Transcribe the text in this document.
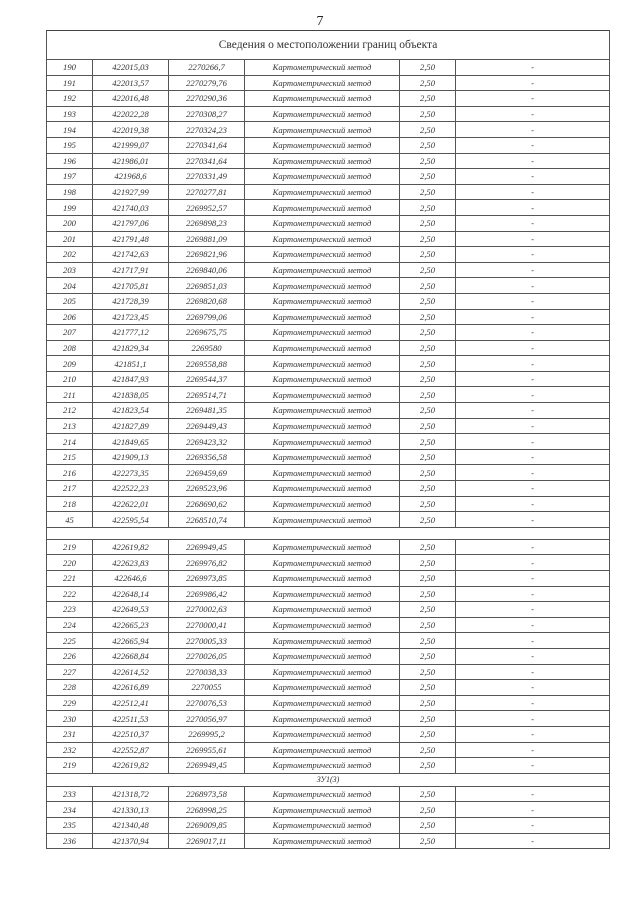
7
Сведения о местоположении границ объекта					
190	422015,03	2270266,7	Картометрический метод	2,50	-
191	422013,57	2270279,76	Картометрический метод	2,50	-
192	422016,48	2270290,36	Картометрический метод	2,50	-
193	422022,28	2270308,27	Картометрический метод	2,50	-
194	422019,38	2270324,23	Картометрический метод	2,50	-
195	421999,07	2270341,64	Картометрический метод	2,50	-
196	421986,01	2270341,64	Картометрический метод	2,50	-
197	421968,6	2270331,49	Картометрический метод	2,50	-
198	421927,99	2270277,81	Картометрический метод	2,50	-
199	421740,03	2269952,57	Картометрический метод	2,50	-
200	421797,06	2269898,23	Картометрический метод	2,50	-
201	421791,48	2269881,09	Картометрический метод	2,50	-
202	421742,63	2269821,96	Картометрический метод	2,50	-
203	421717,91	2269840,06	Картометрический метод	2,50	-
204	421705,81	2269851,03	Картометрический метод	2,50	-
205	421728,39	2269820,68	Картометрический метод	2,50	-
206	421723,45	2269799,06	Картометрический метод	2,50	-
207	421777,12	2269675,75	Картометрический метод	2,50	-
208	421829,34	2269580	Картометрический метод	2,50	-
209	421851,1	2269558,88	Картометрический метод	2,50	-
210	421847,93	2269544,37	Картометрический метод	2,50	-
211	421838,05	2269514,71	Картометрический метод	2,50	-
212	421823,54	2269481,35	Картометрический метод	2,50	-
213	421827,89	2269449,43	Картометрический метод	2,50	-
214	421849,65	2269423,32	Картометрический метод	2,50	-
215	421909,13	2269356,58	Картометрический метод	2,50	-
216	422273,35	2269459,69	Картометрический метод	2,50	-
217	422522,23	2269523,96	Картометрический метод	2,50	-
218	422622,01	2268690,62	Картометрический метод	2,50	-
45	422595,54	2268510,74	Картометрический метод	2,50	-

219	422619,82	2269949,45	Картометрический метод	2,50	-
220	422623,83	2269976,82	Картометрический метод	2,50	-
221	422646,6	2269973,85	Картометрический метод	2,50	-
222	422648,14	2269986,42	Картометрический метод	2,50	-
223	422649,53	2270002,63	Картометрический метод	2,50	-
224	422665,23	2270000,41	Картометрический метод	2,50	-
225	422665,94	2270005,33	Картометрический метод	2,50	-
226	422668,84	2270026,05	Картометрический метод	2,50	-
227	422614,52	2270038,33	Картометрический метод	2,50	-
228	422616,89	2270055	Картометрический метод	2,50	-
229	422512,41	2270076,53	Картометрический метод	2,50	-
230	422511,53	2270056,97	Картометрический метод	2,50	-
231	422510,37	2269995,2	Картометрический метод	2,50	-
232	422552,87	2269955,61	Картометрический метод	2,50	-
219	422619,82	2269949,45	Картометрический метод	2,50	-
ЗУ1(3)					
233	421318,72	2268973,58	Картометрический метод	2,50	-
234	421330,13	2268998,25	Картометрический метод	2,50	-
235	421340,48	2269009,85	Картометрический метод	2,50	-
236	421370,94	2269017,11	Картометрический метод	2,50	-
